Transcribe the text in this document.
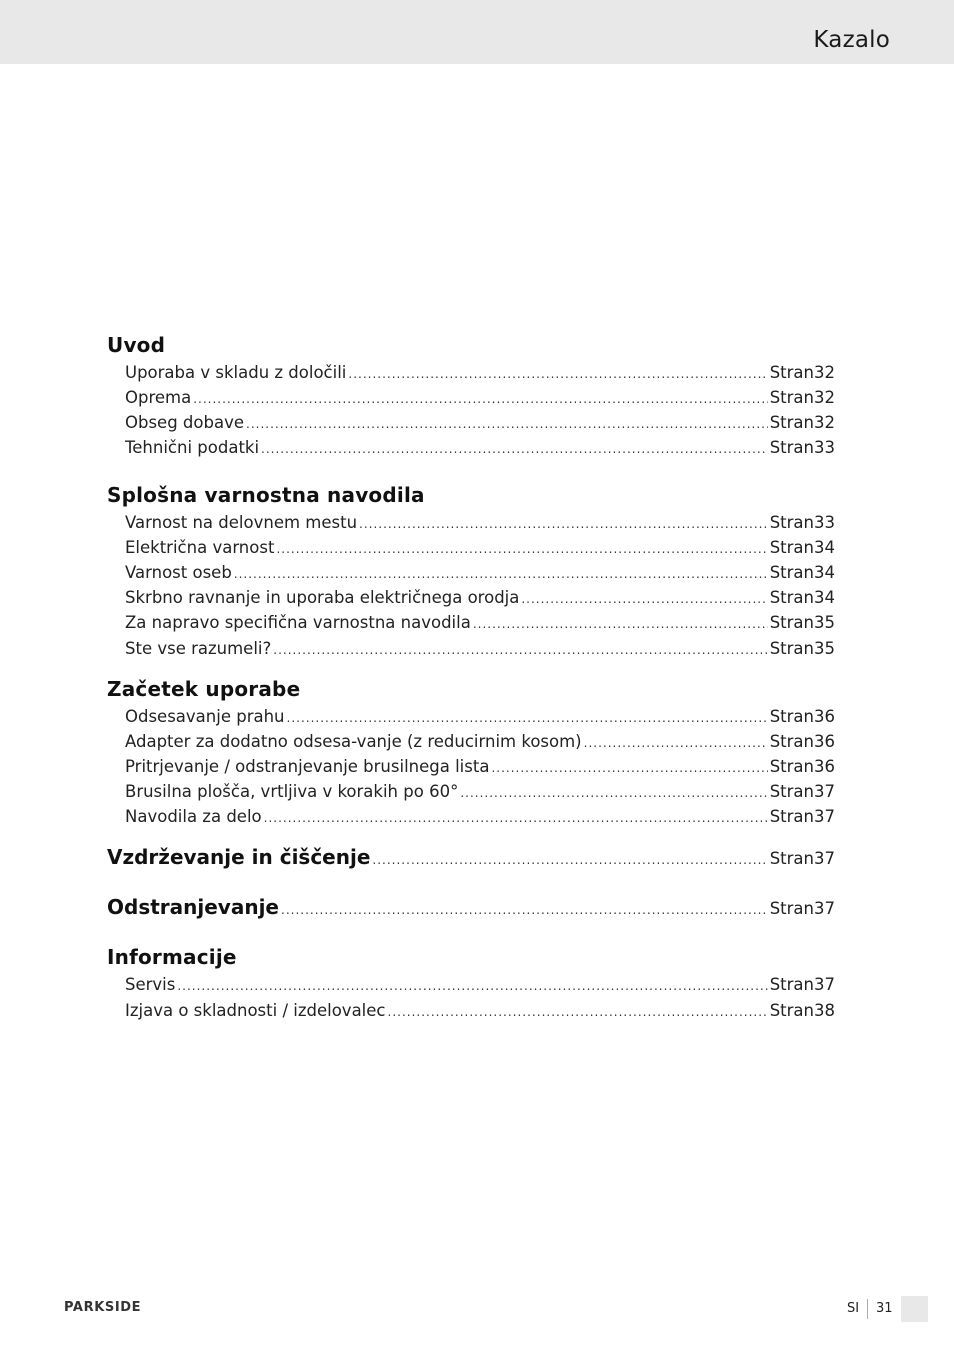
Kazalo
Uvod
Uporaba v skladu z določili .....	Stran 32
Oprema .....	Stran 32
Obseg dobave .....	Stran 32
Tehnični podatki .....	Stran 33
Splošna varnostna navodila
Varnost na delovnem mestu .....	Stran 33
Električna varnost .....	Stran 34
Varnost oseb .....	Stran 34
Skrbno ravnanje in uporaba električnega orodja .....	Stran 34
Za napravo specifična varnostna navodila .....	Stran 35
Ste vse razumeli? .....	Stran 35
Začetek uporabe
Odsesavanje prahu .....	Stran 36
Adapter za dodatno odsesa-vanje (z reducirnim kosom) .....	Stran 36
Pritrjevanje / odstranjevanje brusilnega lista .....	Stran 36
Brusilna plošča, vrtljiva v korakih po 60° .....	Stran 37
Navodila za delo .....	Stran 37
Vzdrževanje in čiščenje .....	Stran 37
Odstranjevanje .....	Stran 37
Informacije
Servis .....	Stran 37
Izjava o skladnosti / izdelovalec .....	Stran 38
PARKSIDE	SI 31
